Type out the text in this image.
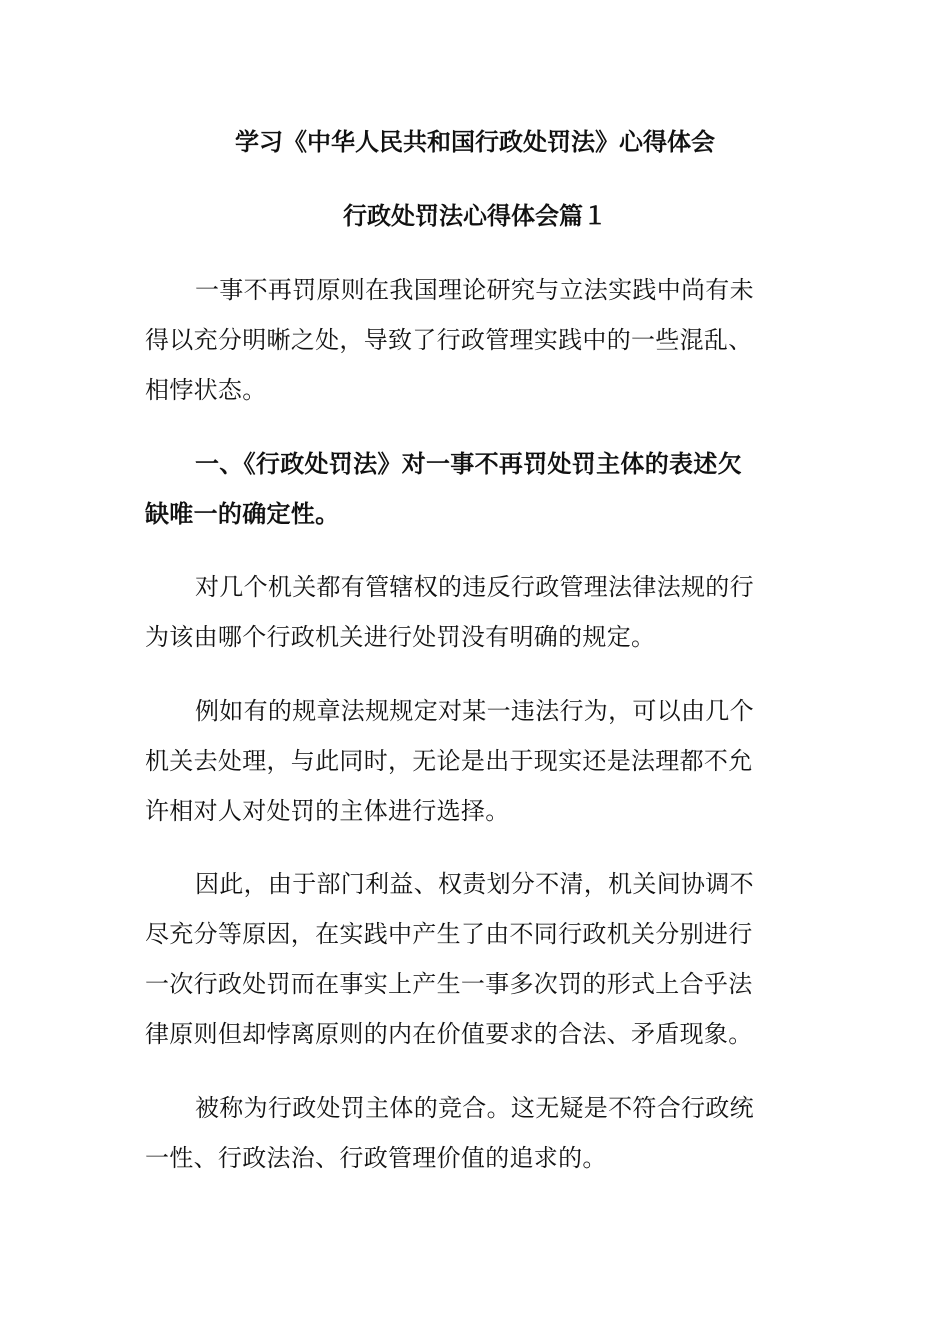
学习《中华人民共和国行政处罚法》心得体会
行政处罚法心得体会篇１
一事不再罚原则在我国理论研究与立法实践中尚有未
得以充分明晰之处，导致了行政管理实践中的一些混乱、
相悖状态。
一、《行政处罚法》对一事不再罚处罚主体的表述欠
缺唯一的确定性。
对几个机关都有管辖权的违反行政管理法律法规的行
为该由哪个行政机关进行处罚没有明确的规定。
例如有的规章法规规定对某一违法行为，可以由几个
机关去处理，与此同时，无论是出于现实还是法理都不允
许相对人对处罚的主体进行选择。
因此，由于部门利益、权责划分不清，机关间协调不
尽充分等原因，在实践中产生了由不同行政机关分别进行
一次行政处罚而在事实上产生一事多次罚的形式上合乎法
律原则但却悖离原则的内在价值要求的合法、矛盾现象。
被称为行政处罚主体的竞合。这无疑是不符合行政统
一性、行政法治、行政管理价值的追求的。
